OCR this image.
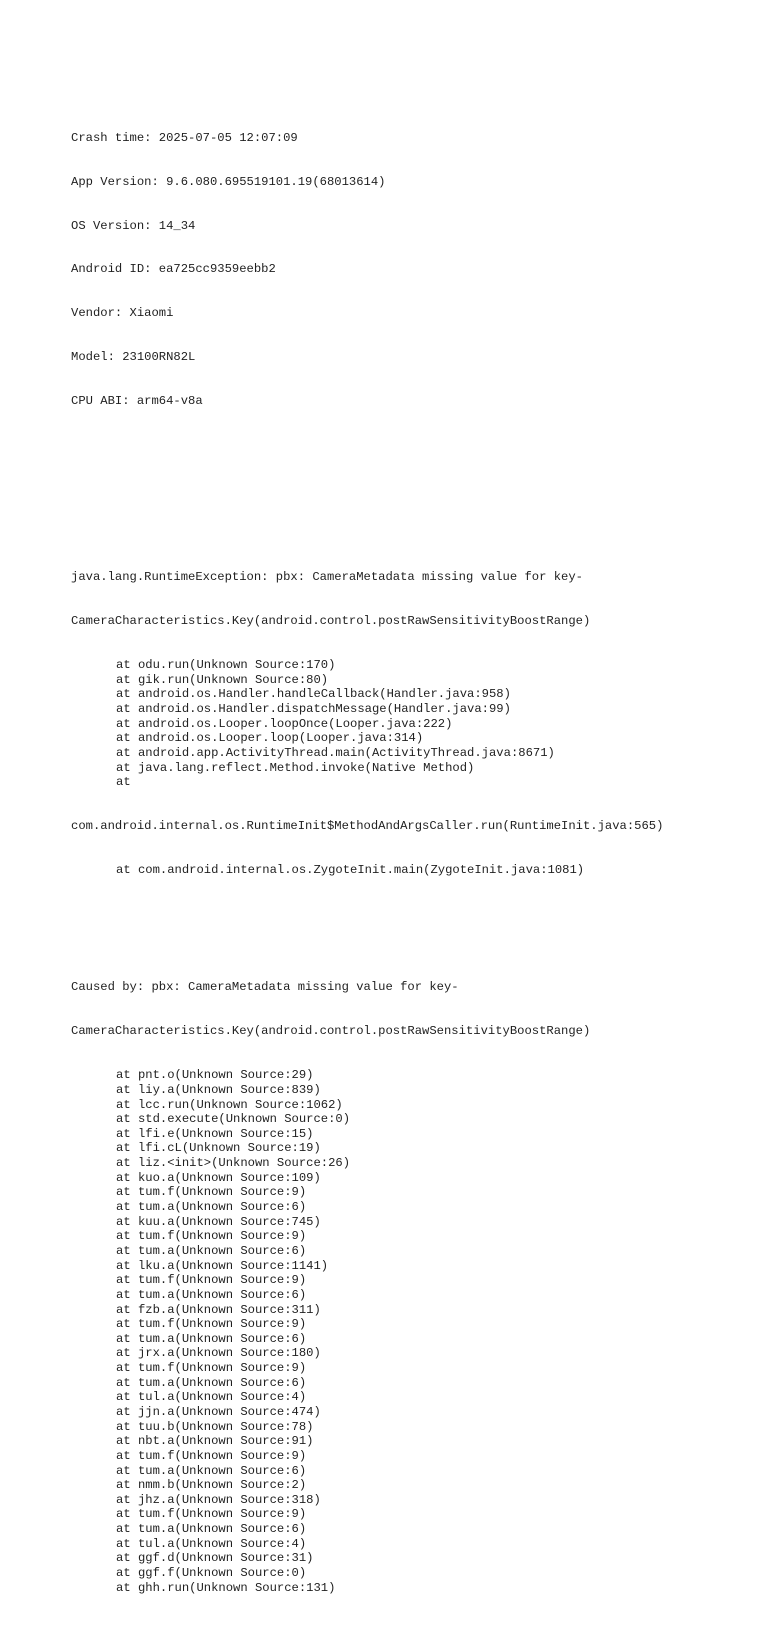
Crash time: 2025-07-05 12:07:09

App Version: 9.6.080.695519101.19(68013614)

OS Version: 14_34

Android ID: ea725cc9359eebb2

Vendor: Xiaomi

Model: 23100RN82L

CPU ABI: arm64-v8a

java.lang.RuntimeException: pbx: CameraMetadata missing value for key-

CameraCharacteristics.Key(android.control.postRawSensitivityBoostRange)

at odu.run(Unknown Source:170)
at gik.run(Unknown Source:80)
at android.os.Handler.handleCallback(Handler.java:958)
at android.os.Handler.dispatchMessage(Handler.java:99)
at android.os.Looper.loopOnce(Looper.java:222)
at android.os.Looper.loop(Looper.java:314)
at android.app.ActivityThread.main(ActivityThread.java:8671)
at java.lang.reflect.Method.invoke(Native Method)
at

com.android.internal.os.RuntimeInit$MethodAndArgsCaller.run(RuntimeInit.java:565)

at com.android.internal.os.ZygoteInit.main(ZygoteInit.java:1081)

Caused by: pbx: CameraMetadata missing value for key-

CameraCharacteristics.Key(android.control.postRawSensitivityBoostRange)

at pnt.o(Unknown Source:29)
at liy.a(Unknown Source:839)
at lcc.run(Unknown Source:1062)
at std.execute(Unknown Source:0)
at lfi.e(Unknown Source:15)
at lfi.cL(Unknown Source:19)
at liz.<init>(Unknown Source:26)
at kuo.a(Unknown Source:109)
at tum.f(Unknown Source:9)
at tum.a(Unknown Source:6)
at kuu.a(Unknown Source:745)
at tum.f(Unknown Source:9)
at tum.a(Unknown Source:6)
at lku.a(Unknown Source:1141)
at tum.f(Unknown Source:9)
at tum.a(Unknown Source:6)
at fzb.a(Unknown Source:311)
at tum.f(Unknown Source:9)
at tum.a(Unknown Source:6)
at jrx.a(Unknown Source:180)
at tum.f(Unknown Source:9)
at tum.a(Unknown Source:6)
at tul.a(Unknown Source:4)
at jjn.a(Unknown Source:474)
at tuu.b(Unknown Source:78)
at nbt.a(Unknown Source:91)
at tum.f(Unknown Source:9)
at tum.a(Unknown Source:6)
at nmm.b(Unknown Source:2)
at jhz.a(Unknown Source:318)
at tum.f(Unknown Source:9)
at tum.a(Unknown Source:6)
at tul.a(Unknown Source:4)
at ggf.d(Unknown Source:31)
at ggf.f(Unknown Source:0)
at ghh.run(Unknown Source:131)
